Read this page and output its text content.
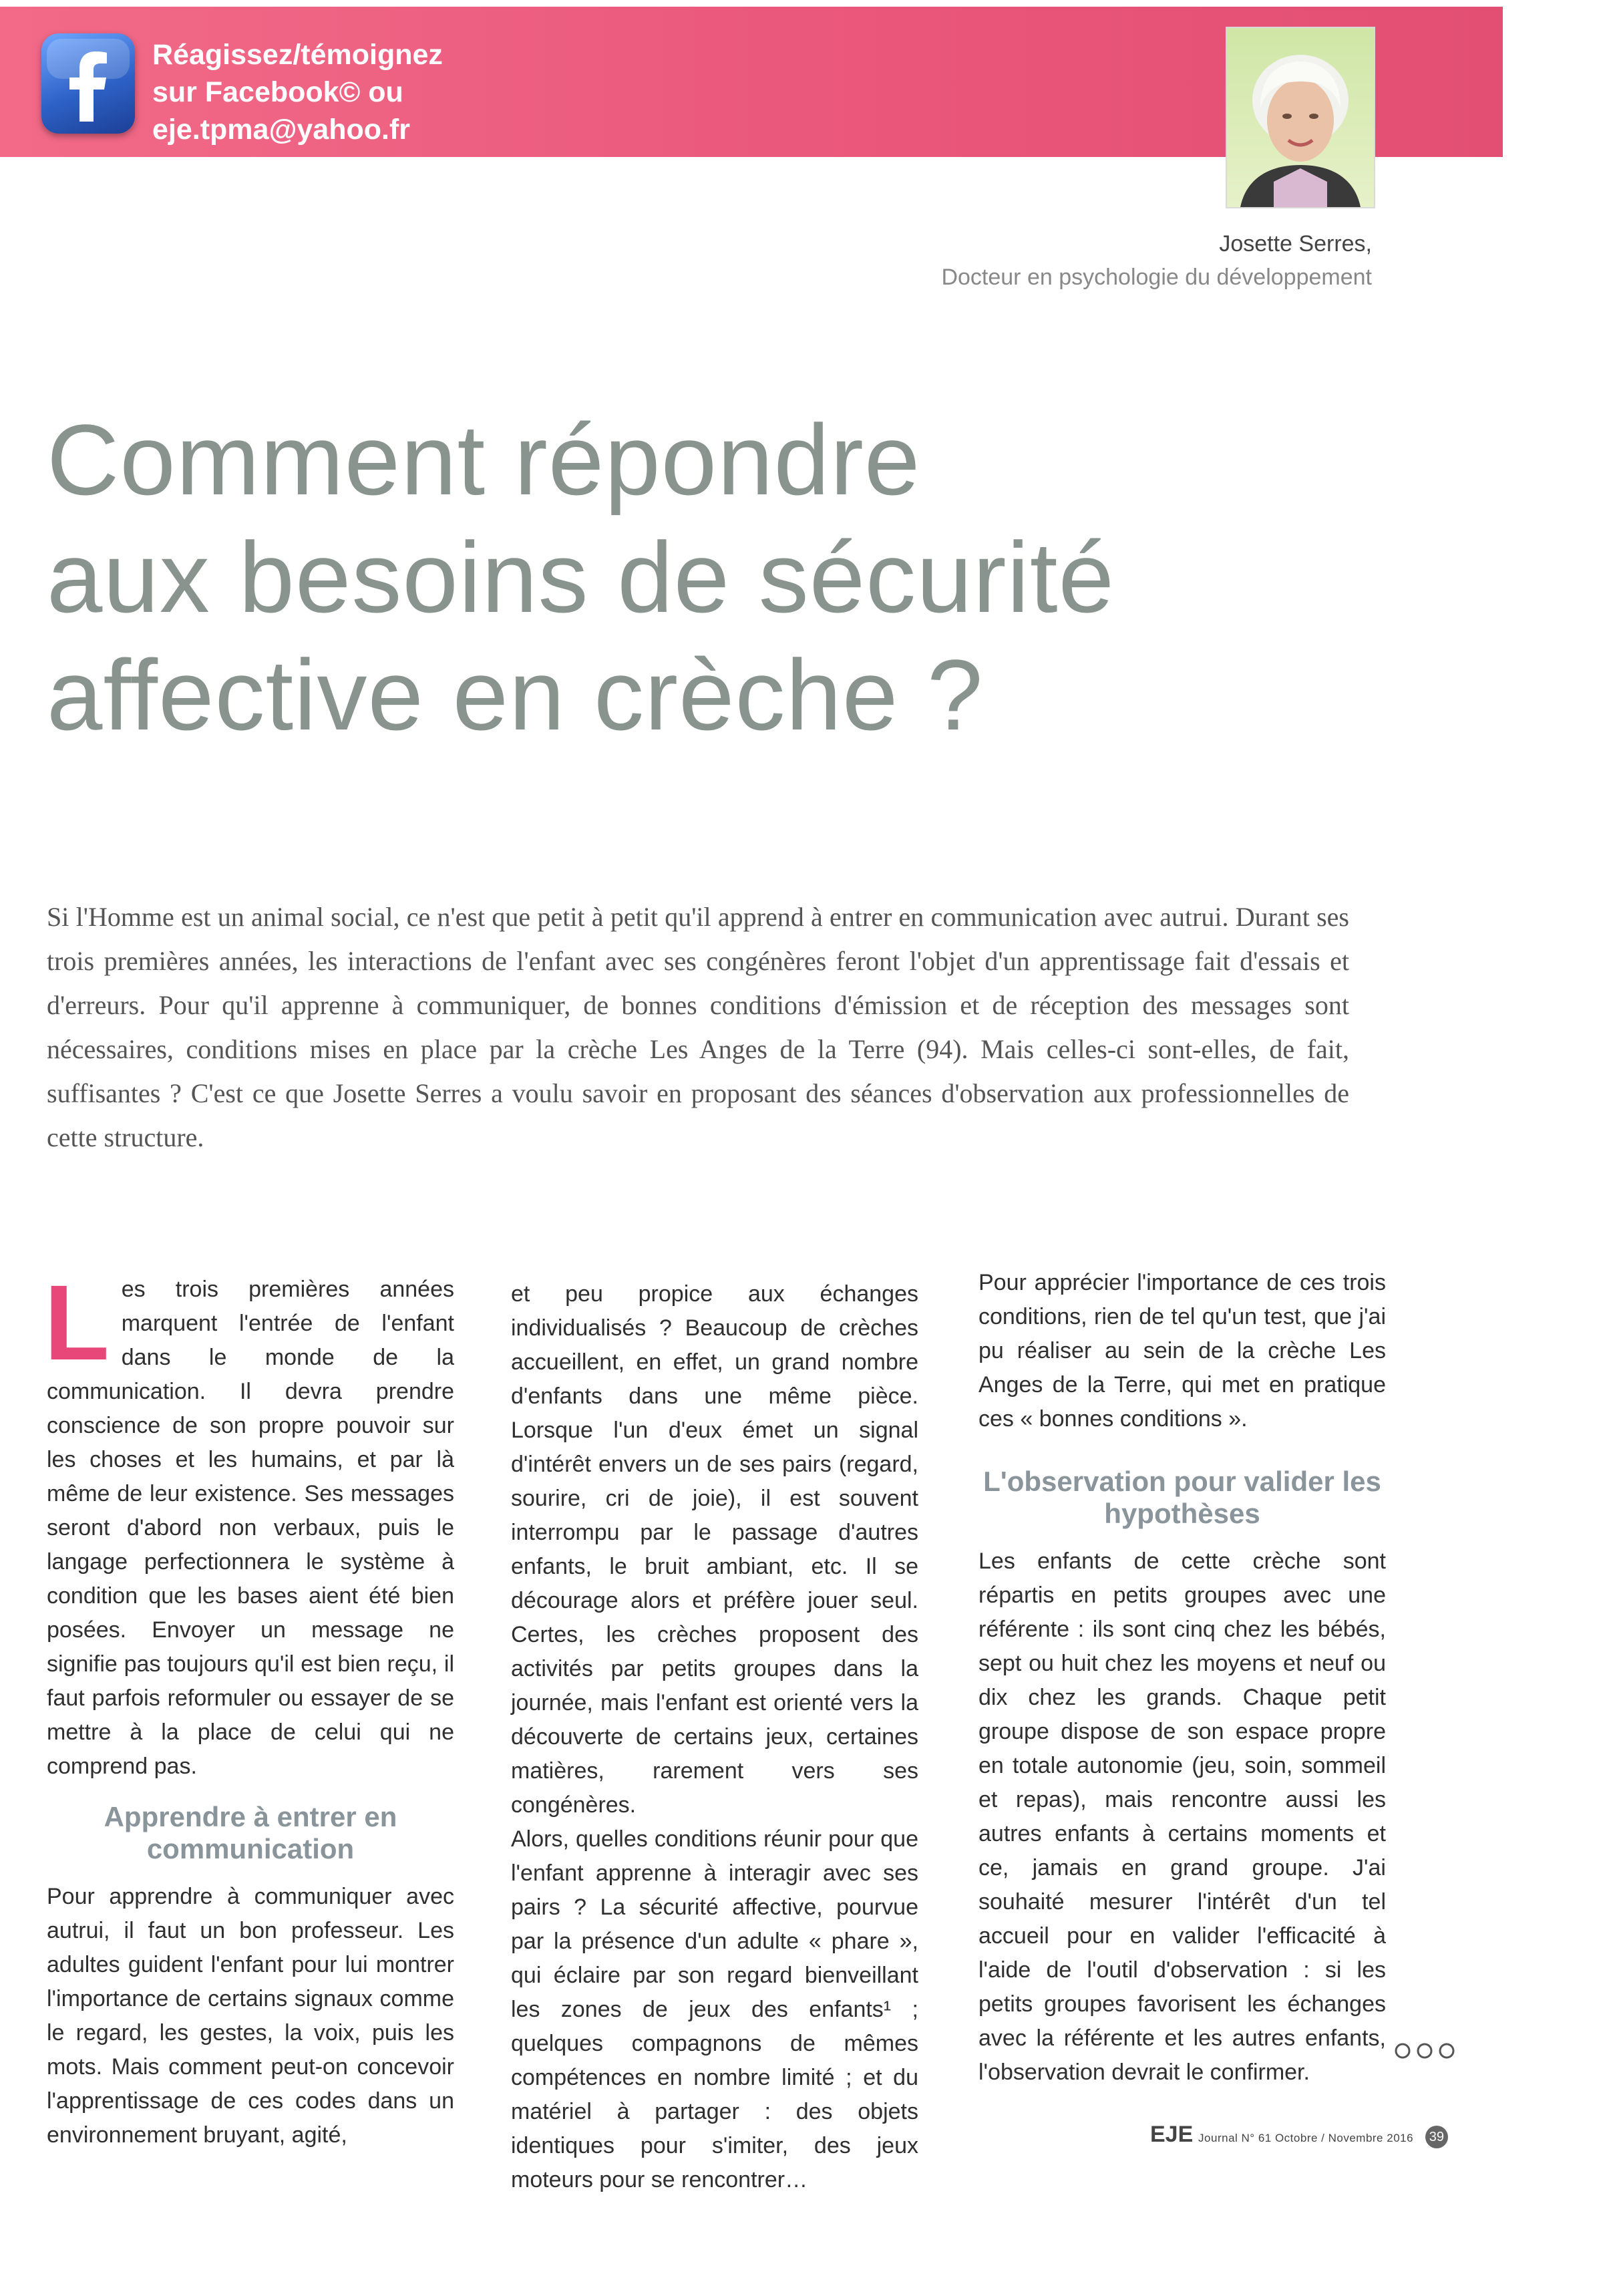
Réagissez/témoignez
sur Facebook© ou
eje.tpma@yahoo.fr
Josette Serres,
Docteur en psychologie du développement
Comment répondre
aux besoins de sécurité
affective en crèche ?
Si l'Homme est un animal social, ce n'est que petit à petit qu'il apprend à entrer en communication avec autrui. Durant ses trois premières années, les interactions de l'enfant avec ses congénères feront l'objet d'un apprentissage fait d'essais et d'erreurs. Pour qu'il apprenne à communiquer, de bonnes conditions d'émission et de réception des messages sont nécessaires, conditions mises en place par la crèche Les Anges de la Terre (94). Mais celles-ci sont-elles, de fait, suffisantes ? C'est ce que Josette Serres a voulu savoir en proposant des séances d'observation aux professionnelles de cette structure.

Les trois premières années marquent l'entrée de l'enfant dans le monde de la communication. Il devra prendre conscience de son propre pouvoir sur les choses et les humains, et par là même de leur existence. Ses messages seront d'abord non verbaux, puis le langage perfectionnera le système à condition que les bases aient été bien posées. Envoyer un message ne signifie pas toujours qu'il est bien reçu, il faut parfois reformuler ou essayer de se mettre à la place de celui qui ne comprend pas.

Apprendre à entrer en communication

Pour apprendre à communiquer avec autrui, il faut un bon professeur. Les adultes guident l'enfant pour lui montrer l'importance de certains signaux comme le regard, les gestes, la voix, puis les mots. Mais comment peut-on concevoir l'apprentissage de ces codes dans un environnement bruyant, agité,

et peu propice aux échanges individualisés ? Beaucoup de crèches accueillent, en effet, un grand nombre d'enfants dans une même pièce. Lorsque l'un d'eux émet un signal d'intérêt envers un de ses pairs (regard, sourire, cri de joie), il est souvent interrompu par le passage d'autres enfants, le bruit ambiant, etc. Il se décourage alors et préfère jouer seul. Certes, les crèches proposent des activités par petits groupes dans la journée, mais l'enfant est orienté vers la découverte de certains jeux, certaines matières, rarement vers ses congénères.

Alors, quelles conditions réunir pour que l'enfant apprenne à interagir avec ses pairs ? La sécurité affective, pourvue par la présence d'un adulte « phare », qui éclaire par son regard bienveillant les zones de jeux des enfants¹ ; quelques compagnons de mêmes compétences en nombre limité ; et du matériel à partager : des objets identiques pour s'imiter, des jeux moteurs pour se rencontrer…

Pour apprécier l'importance de ces trois conditions, rien de tel qu'un test, que j'ai pu réaliser au sein de la crèche Les Anges de la Terre, qui met en pratique ces « bonnes conditions ».

L'observation pour valider les hypothèses

Les enfants de cette crèche sont répartis en petits groupes avec une référente : ils sont cinq chez les bébés, sept ou huit chez les moyens et neuf ou dix chez les grands. Chaque petit groupe dispose de son espace propre en totale autonomie (jeu, soin, sommeil et repas), mais rencontre aussi les autres enfants à certains moments et ce, jamais en grand groupe. J'ai souhaité mesurer l'intérêt d'un tel accueil pour en valider l'efficacité à l'aide de l'outil d'observation : si les petits groupes favorisent les échanges avec la référente et les autres enfants, l'observation devrait le confirmer.

EJE Journal N° 61 Octobre / Novembre 2016 39
